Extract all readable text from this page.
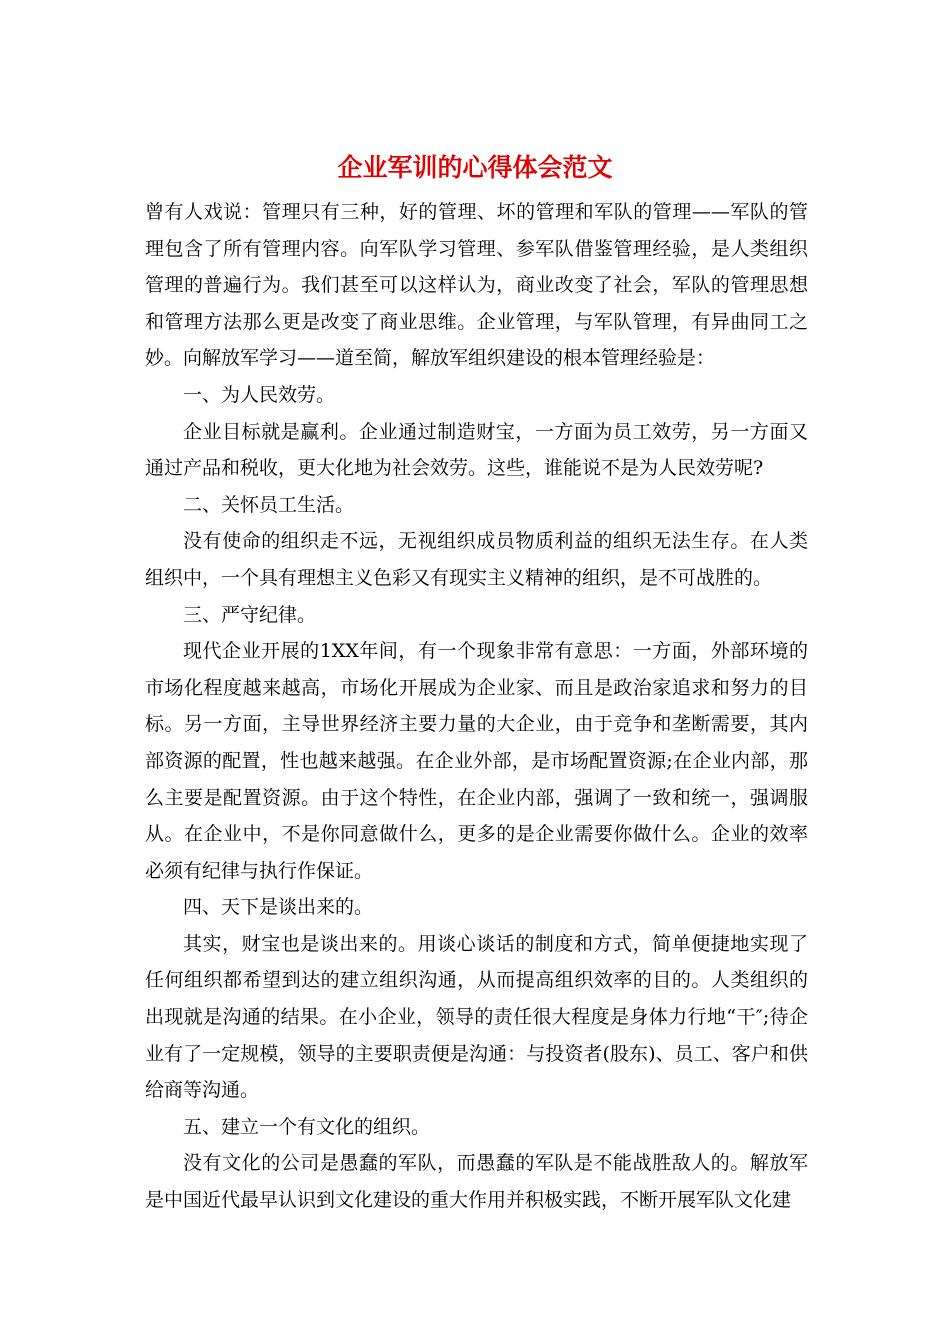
企业军训的心得体会范文

曾有人戏说：管理只有三种，好的管理、坏的管理和军队的管理——军队的管理包含了所有管理内容。向军队学习管理、参军队借鉴管理经验，是人类组织管理的普遍行为。我们甚至可以这样认为，商业改变了社会，军队的管理思想和管理方法那么更是改变了商业思维。企业管理，与军队管理，有异曲同工之妙。向解放军学习——道至简，解放军组织建设的根本管理经验是：

一、为人民效劳。

企业目标就是赢利。企业通过制造财宝，一方面为员工效劳，另一方面又通过产品和税收，更大化地为社会效劳。这些，谁能说不是为人民效劳呢?

二、关怀员工生活。

没有使命的组织走不远，无视组织成员物质利益的组织无法生存。在人类组织中，一个具有理想主义色彩又有现实主义精神的组织，是不可战胜的。

三、严守纪律。

现代企业开展的1XX年间，有一个现象非常有意思：一方面，外部环境的市场化程度越来越高，市场化开展成为企业家、而且是政治家追求和努力的目标。另一方面，主导世界经济主要力量的大企业，由于竞争和垄断需要，其内部资源的配置，性也越来越强。在企业外部，是市场配置资源;在企业内部，那么主要是配置资源。由于这个特性，在企业内部，强调了一致和统一，强调服从。在企业中，不是你同意做什么，更多的是企业需要你做什么。企业的效率必须有纪律与执行作保证。

四、天下是谈出来的。

其实，财宝也是谈出来的。用谈心谈话的制度和方式，简单便捷地实现了任何组织都希望到达的建立组织沟通，从而提高组织效率的目的。人类组织的出现就是沟通的结果。在小企业，领导的责任很大程度是身体力行地“干″;待企业有了一定规模，领导的主要职责便是沟通：与投资者(股东)、员工、客户和供给商等沟通。

五、建立一个有文化的组织。

没有文化的公司是愚蠢的军队，而愚蠢的军队是不能战胜敌人的。解放军是中国近代最早认识到文化建设的重大作用并积极实践，不断开展军队文化建
